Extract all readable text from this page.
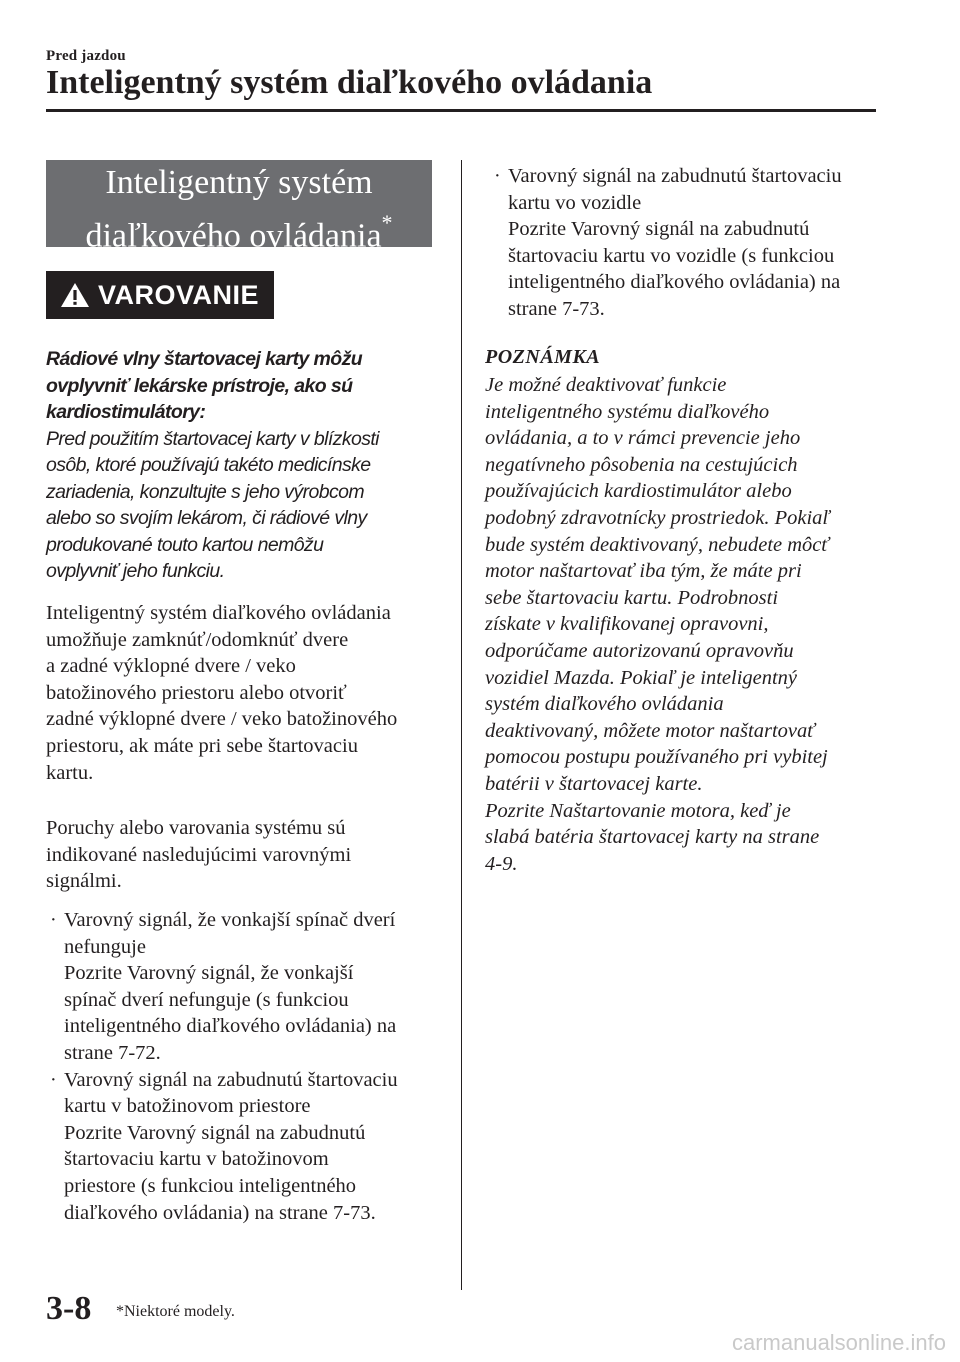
Pred jazdou
Inteligentný systém diaľkového ovládania
Inteligentný systém
diaľkového ovládania*
VAROVANIE
Rádiové vlny štartovacej karty môžu
ovplyvniť lekárske prístroje, ako sú
kardiostimulátory:
Pred použitím štartovacej karty v blízkosti
osôb, ktoré používajú takéto medicínske
zariadenia, konzultujte s jeho výrobcom
alebo so svojím lekárom, či rádiové vlny
produkované touto kartou nemôžu
ovplyvniť jeho funkciu.
Inteligentný systém diaľkového ovládania
umožňuje zamknúť/odomknúť dvere
a zadné výklopné dvere / veko
batožinového priestoru alebo otvoriť
zadné výklopné dvere / veko batožinového
priestoru, ak máte pri sebe štartovaciu
kartu.
Poruchy alebo varovania systému sú
indikované nasledujúcimi varovnými
signálmi.
· Varovný signál, že vonkajší spínač dverí
nefunguje
Pozrite Varovný signál, že vonkajší
spínač dverí nefunguje (s funkciou
inteligentného diaľkového ovládania) na
strane 7-72.
· Varovný signál na zabudnutú štartovaciu
kartu v batožinovom priestore
Pozrite Varovný signál na zabudnutú
štartovaciu kartu v batožinovom
priestore (s funkciou inteligentného
diaľkového ovládania) na strane 7-73.
· Varovný signál na zabudnutú štartovaciu
kartu vo vozidle
Pozrite Varovný signál na zabudnutú
štartovaciu kartu vo vozidle (s funkciou
inteligentného diaľkového ovládania) na
strane 7-73.
POZNÁMKA
Je možné deaktivovať funkcie
inteligentného systému diaľkového
ovládania, a to v rámci prevencie jeho
negatívneho pôsobenia na cestujúcich
používajúcich kardiostimulátor alebo
podobný zdravotnícky prostriedok. Pokiaľ
bude systém deaktivovaný, nebudete môcť
motor naštartovať iba tým, že máte pri
sebe štartovaciu kartu. Podrobnosti
získate v kvalifikovanej opravovni,
odporúčame autorizovanú opravovňu
vozidiel Mazda. Pokiaľ je inteligentný
systém diaľkového ovládania
deaktivovaný, môžete motor naštartovať
pomocou postupu používaného pri vybitej
batérii v štartovacej karte.
Pozrite Naštartovanie motora, keď je
slabá batéria štartovacej karty na strane
4-9.
3-8 *Niektoré modely.
carmanualsonline.info
